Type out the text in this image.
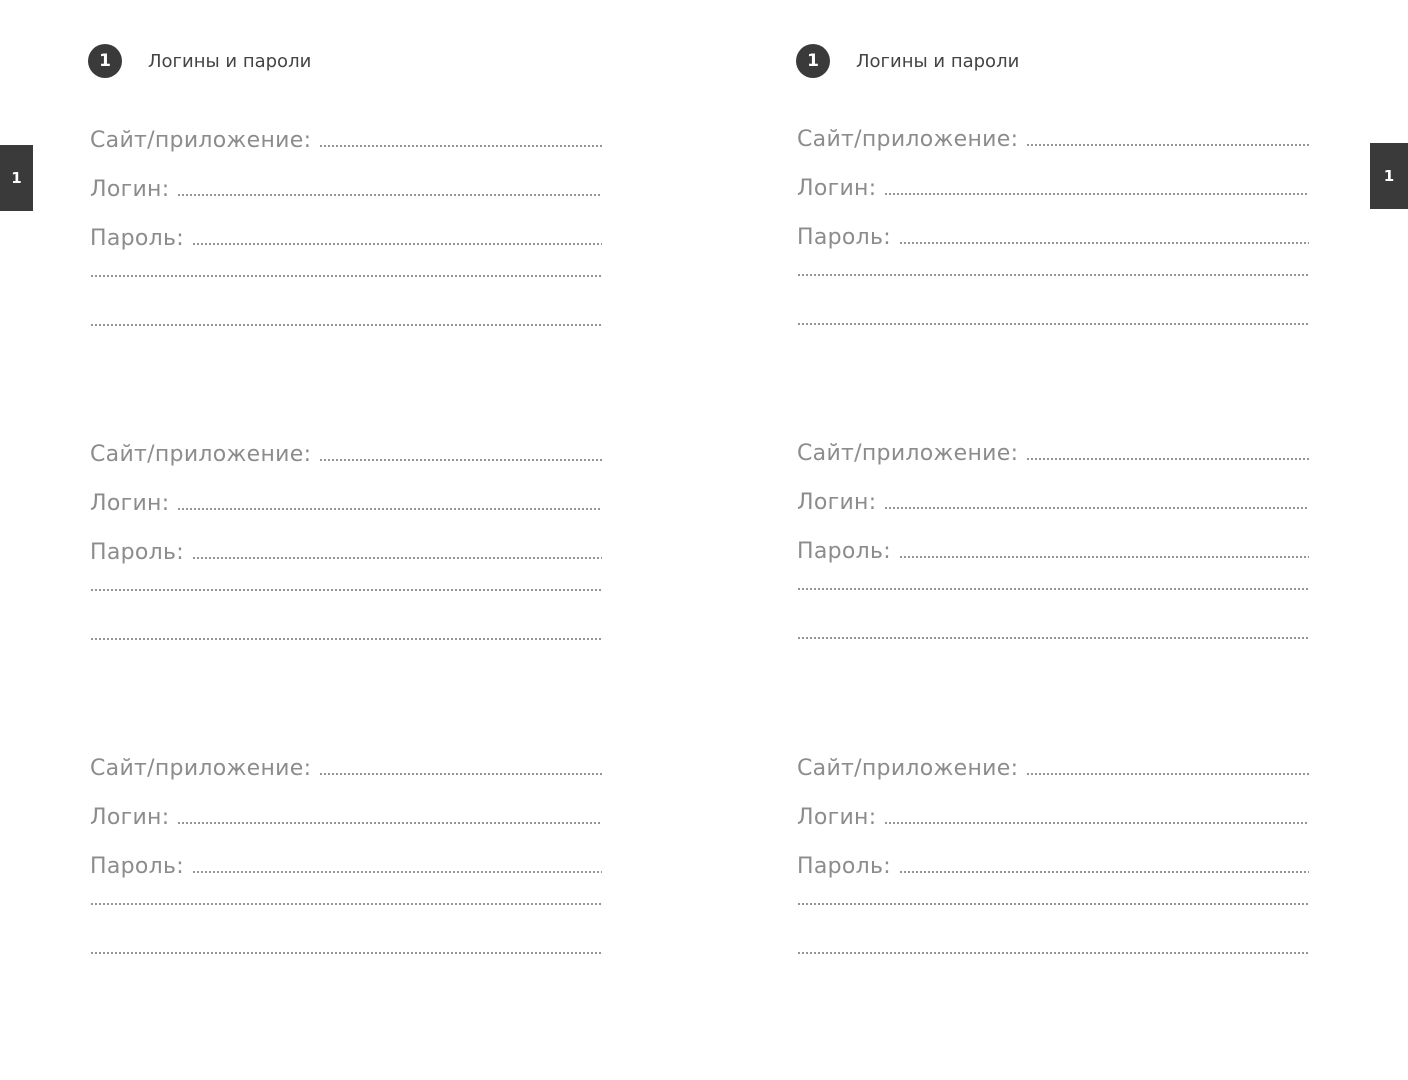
1	Логины и пароли
1
Сайт/приложение:
Логин:
Пароль:
Сайт/приложение:
Логин:
Пароль:
Сайт/приложение:
Логин:
Пароль:
1	Логины и пароли
1
Сайт/приложение:
Логин:
Пароль:
Сайт/приложение:
Логин:
Пароль:
Сайт/приложение:
Логин:
Пароль:
